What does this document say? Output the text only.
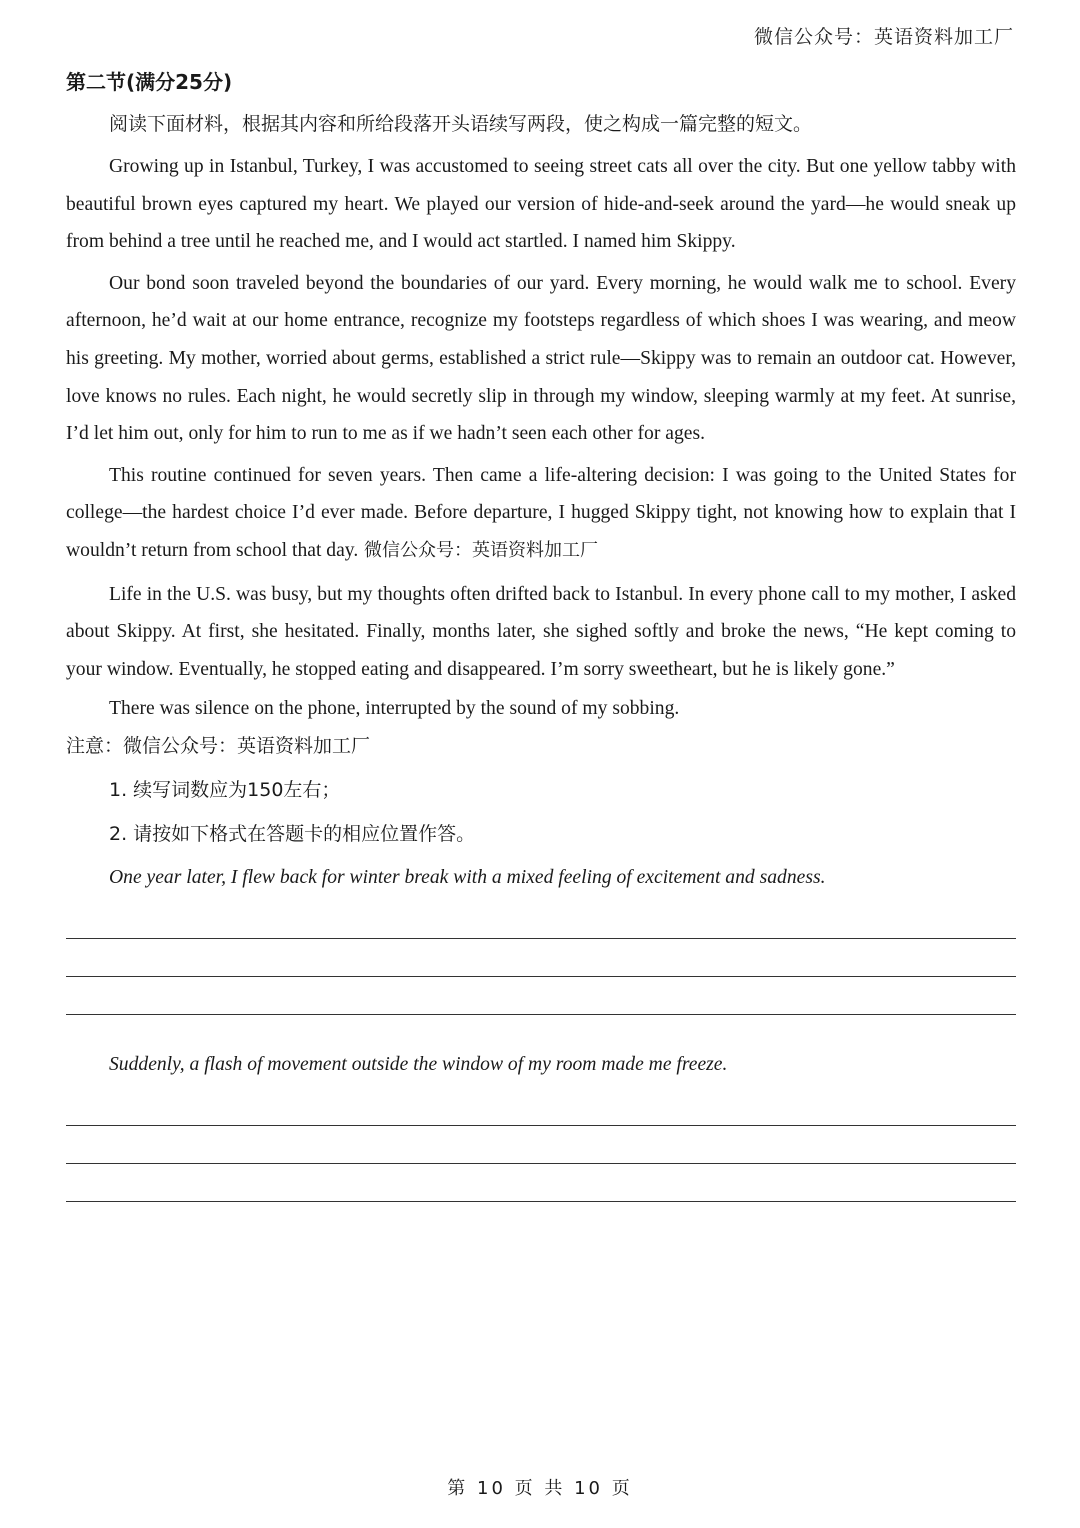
微信公众号：英语资料加工厂
第二节(满分25分)

阅读下面材料，根据其内容和所给段落开头语续写两段，使之构成一篇完整的短文。

Growing up in Istanbul, Turkey, I was accustomed to seeing street cats all over the city. But one yellow tabby with beautiful brown eyes captured my heart. We played our version of hide-and-seek around the yard—he would sneak up from behind a tree until he reached me, and I would act startled. I named him Skippy.

Our bond soon traveled beyond the boundaries of our yard. Every morning, he would walk me to school. Every afternoon, he’d wait at our home entrance, recognize my footsteps regardless of which shoes I was wearing, and meow his greeting. My mother, worried about germs, established a strict rule—Skippy was to remain an outdoor cat. However, love knows no rules. Each night, he would secretly slip in through my window, sleeping warmly at my feet. At sunrise, I’d let him out, only for him to run to me as if we hadn’t seen each other for ages.

This routine continued for seven years. Then came a life-altering decision: I was going to the United States for college—the hardest choice I’d ever made. Before departure, I hugged Skippy tight, not knowing how to explain that I wouldn’t return from school that day. 微信公众号：英语资料加工厂

Life in the U.S. was busy, but my thoughts often drifted back to Istanbul. In every phone call to my mother, I asked about Skippy. At first, she hesitated. Finally, months later, she sighed softly and broke the news, “He kept coming to your window. Eventually, he stopped eating and disappeared. I’m sorry sweetheart, but he is likely gone.”

There was silence on the phone, interrupted by the sound of my sobbing.

注意：微信公众号：英语资料加工厂

1. 续写词数应为150左右；

2. 请按如下格式在答题卡的相应位置作答。

One year later, I flew back for winter break with a mixed feeling of excitement and sadness.

Suddenly, a flash of movement outside the window of my room made me freeze.

第 10 页 共 10 页
